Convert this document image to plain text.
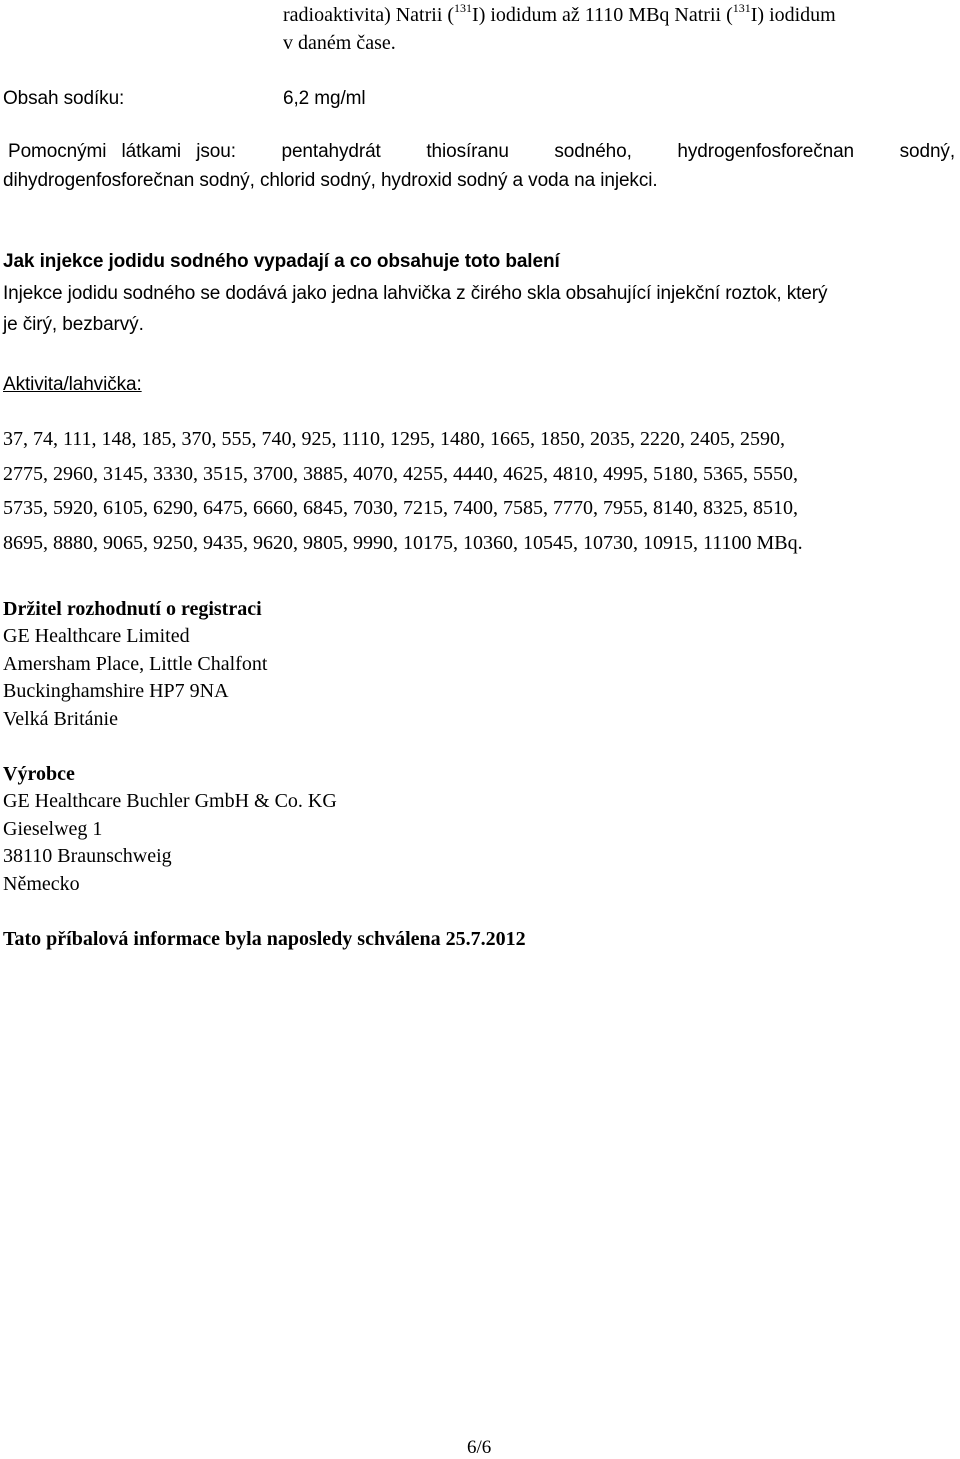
radioaktivita) Natrii ($^{131}$I) iodidum až 1110 MBq Natrii ($^{131}$I) iodidum
v daném čase.
Obsah sodíku:	6,2 mg/ml
Pomocnými látkami jsou:   pentahydrát   thiosíranu   sodného,   hydrogenfosforečnan   sodný,
dihydrogenfosforečnan sodný, chlorid sodný, hydroxid sodný a voda na injekci.
Jak injekce jodidu sodného vypadají a co obsahuje toto balení
Injekce jodidu sodného se dodává jako jedna lahvička z čirého skla obsahující injekční roztok, který
je čirý, bezbarvý.
Aktivita/lahvička:
37, 74, 111, 148, 185, 370, 555, 740, 925, 1110, 1295, 1480, 1665, 1850, 2035, 2220, 2405, 2590,
2775, 2960, 3145, 3330, 3515, 3700, 3885, 4070, 4255, 4440, 4625, 4810, 4995, 5180, 5365, 5550,
5735, 5920, 6105, 6290, 6475, 6660, 6845, 7030, 7215, 7400, 7585, 7770, 7955, 8140, 8325, 8510,
8695, 8880, 9065, 9250, 9435, 9620, 9805, 9990, 10175, 10360, 10545, 10730, 10915, 11100 MBq.
Držitel rozhodnutí o registraci
GE Healthcare Limited
Amersham Place, Little Chalfont
Buckinghamshire HP7 9NA
Velká Británie
Výrobce
GE Healthcare Buchler GmbH & Co. KG
Gieselweg 1
38110 Braunschweig
Německo
Tato příbalová informace byla naposledy schválena 25.7.2012
6/6
